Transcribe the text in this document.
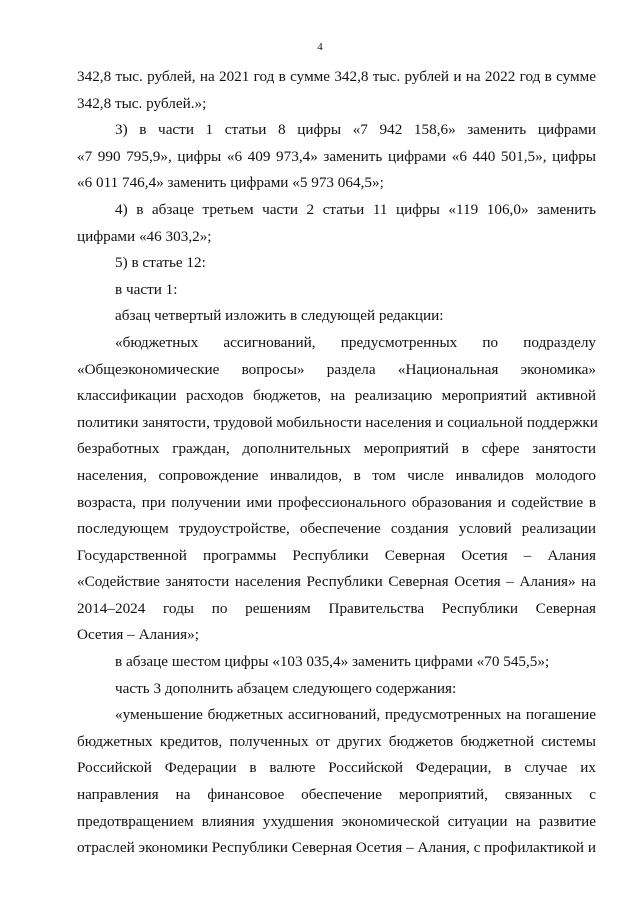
4
342,8 тыс. рублей, на 2021 год в сумме 342,8 тыс. рублей и на 2022 год в сумме
342,8 тыс. рублей.»;
3) в части 1 статьи 8 цифры «7 942 158,6» заменить цифрами
«7 990 795,9», цифры «6 409 973,4» заменить цифрами «6 440 501,5», цифры
«6 011 746,4» заменить цифрами «5 973 064,5»;
4) в абзаце третьем части 2 статьи 11 цифры «119 106,0» заменить
цифрами «46 303,2»;
5) в статье 12:
в части 1:
абзац четвертый изложить в следующей редакции:
«бюджетных ассигнований, предусмотренных по подразделу
«Общеэкономические вопросы» раздела «Национальная экономика»
классификации расходов бюджетов, на реализацию мероприятий активной
политики занятости, трудовой мобильности населения и социальной поддержки
безработных граждан, дополнительных мероприятий в сфере занятости
населения, сопровождение инвалидов, в том числе инвалидов молодого
возраста, при получении ими профессионального образования и содействие в
последующем трудоустройстве, обеспечение создания условий реализации
Государственной программы Республики Северная Осетия – Алания
«Содействие занятости населения Республики Северная Осетия – Алания» на
2014–2024 годы по решениям Правительства Республики Северная
Осетия – Алания»;
в абзаце шестом цифры «103 035,4» заменить цифрами «70 545,5»;
часть 3 дополнить абзацем следующего содержания:
«уменьшение бюджетных ассигнований, предусмотренных на погашение
бюджетных кредитов, полученных от других бюджетов бюджетной системы
Российской Федерации в валюте Российской Федерации, в случае их
направления на финансовое обеспечение мероприятий, связанных с
предотвращением влияния ухудшения экономической ситуации на развитие
отраслей экономики Республики Северная Осетия – Алания, с профилактикой и
